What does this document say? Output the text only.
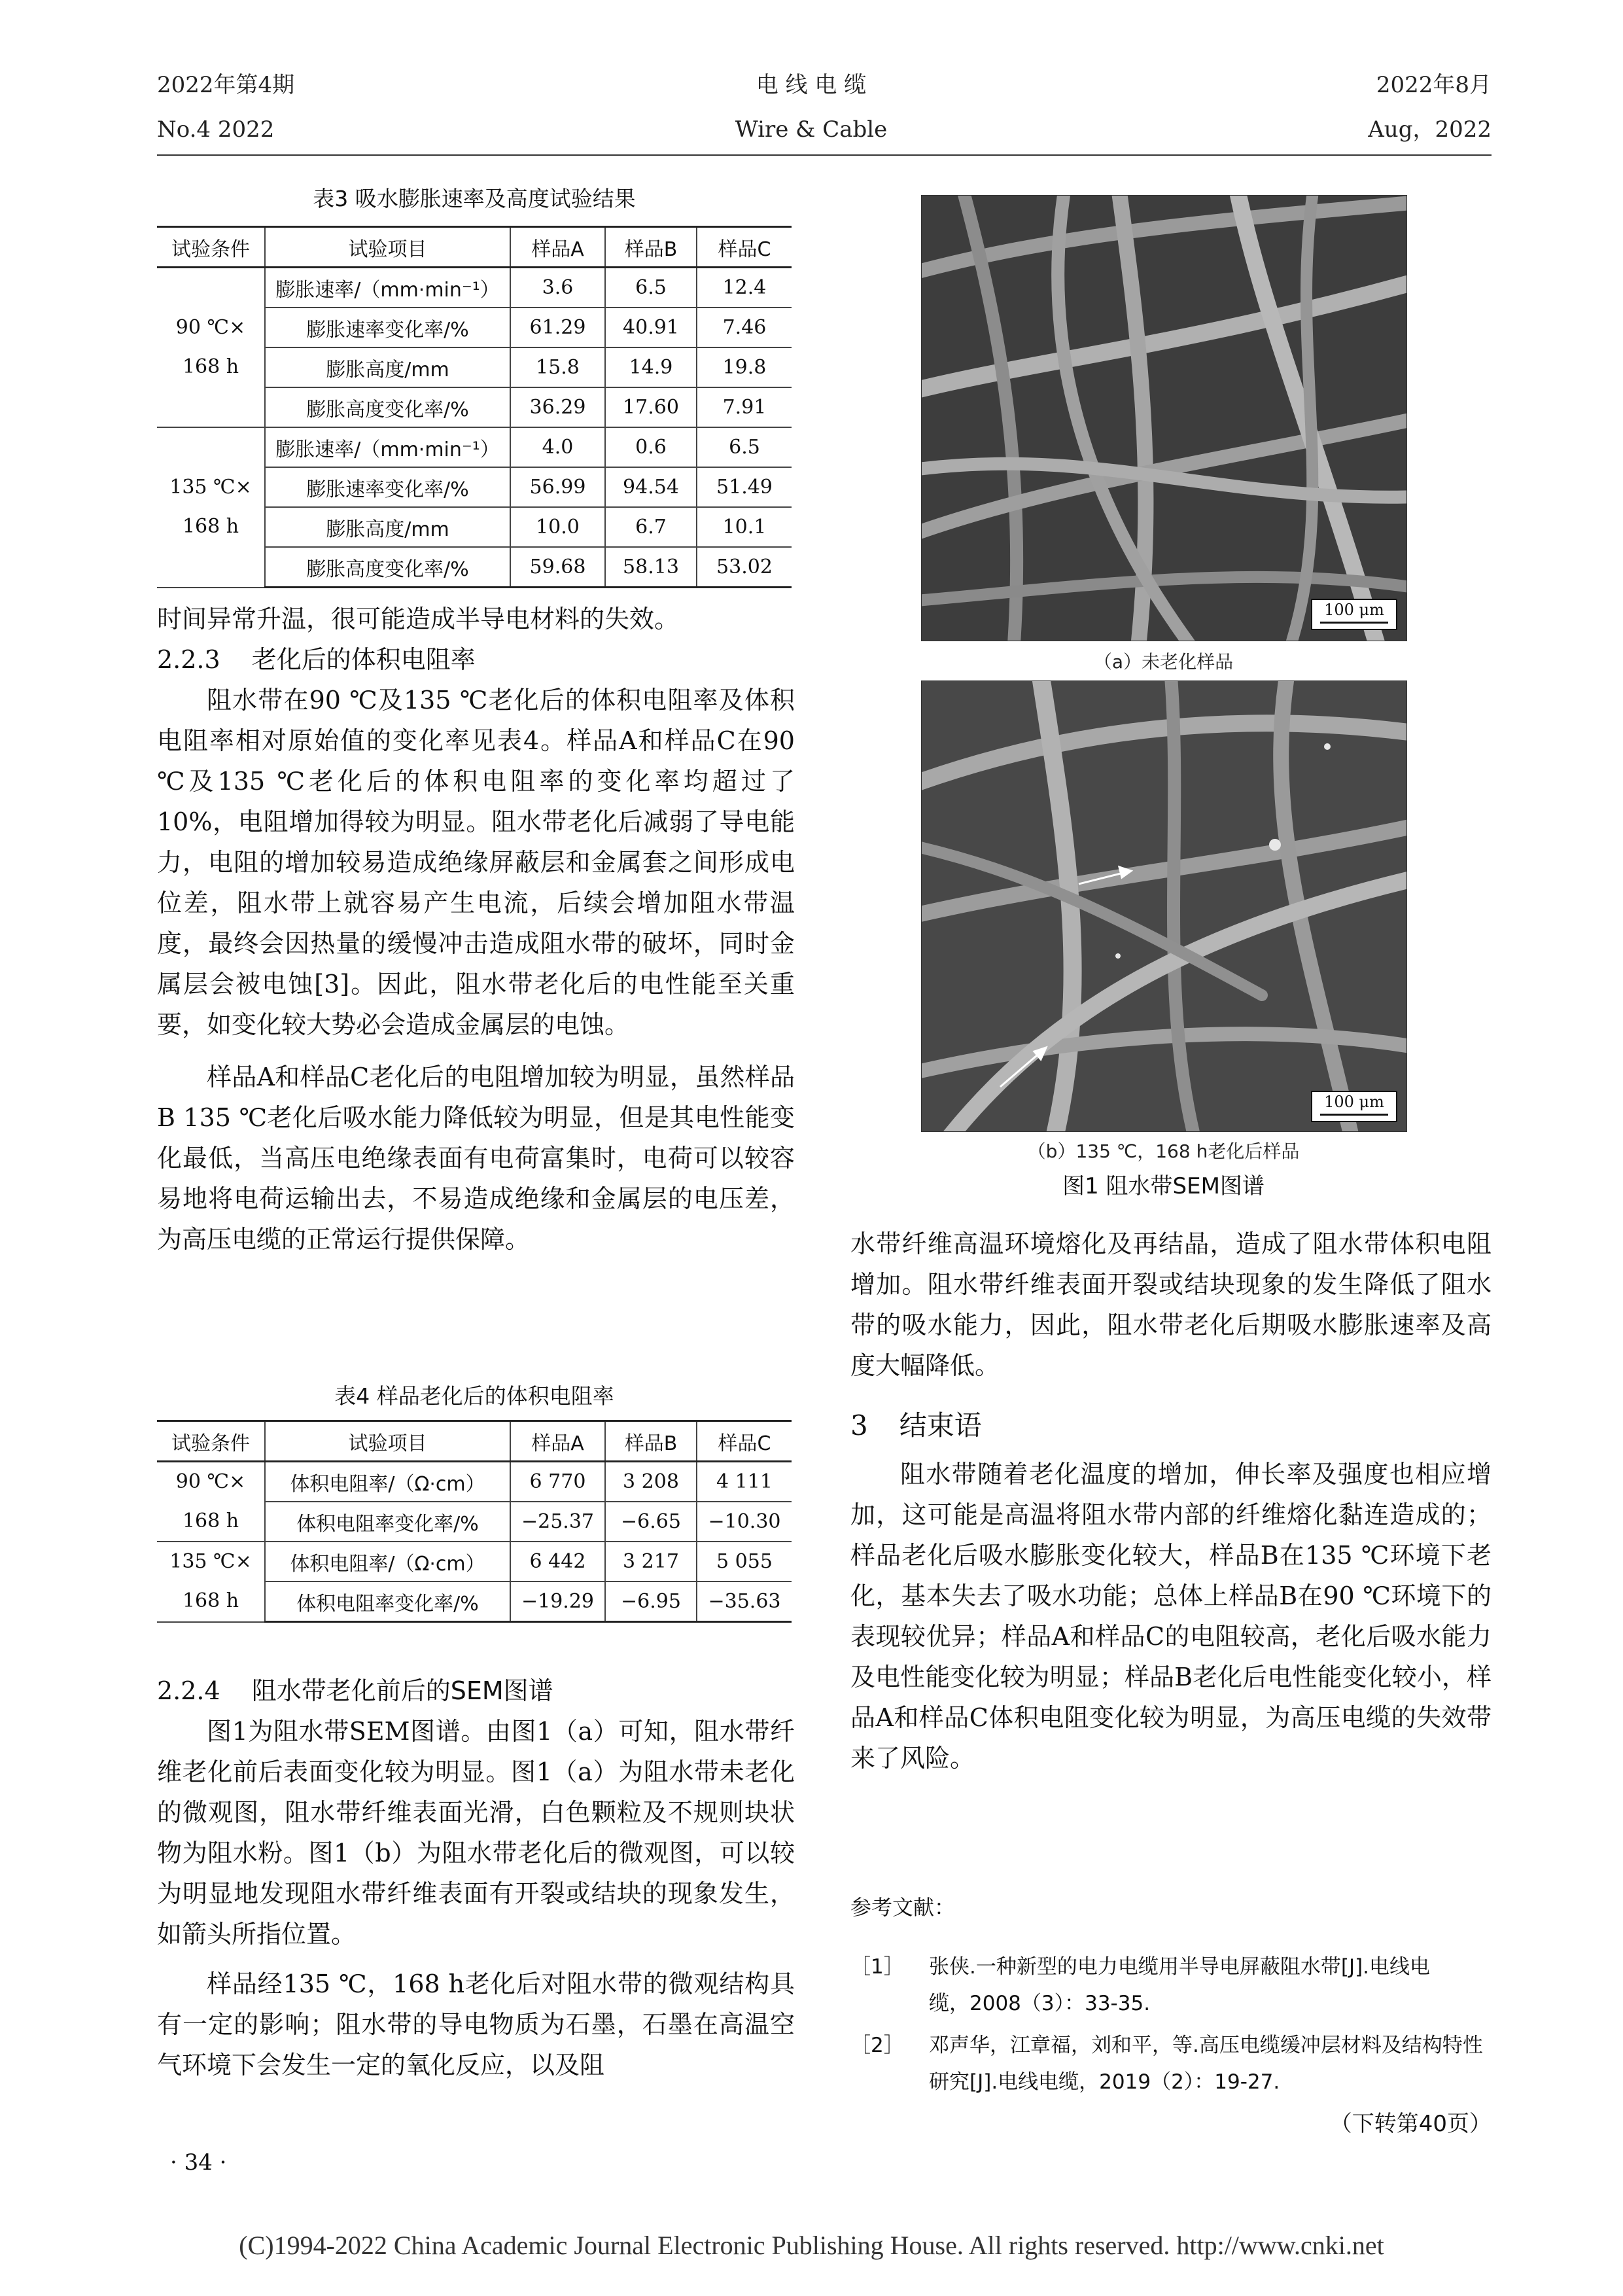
2022年第4期
No.4 2022
电 线 电 缆
Wire & Cable
2022年8月
Aug，2022
表3 吸水膨胀速率及高度试验结果
试验条件	试验项目	样品A	样品B	样品C
90 ℃×
168 h	膨胀速率/（mm·min⁻¹）	3.6	6.5	12.4
	膨胀速率变化率/%	61.29	40.91	7.46
	膨胀高度/mm	15.8	14.9	19.8
	膨胀高度变化率/%	36.29	17.60	7.91
135 ℃×
168 h	膨胀速率/（mm·min⁻¹）	4.0	0.6	6.5
	膨胀速率变化率/%	56.99	94.54	51.49
	膨胀高度/mm	10.0	6.7	10.1
	膨胀高度变化率/%	59.68	58.13	53.02

时间异常升温，很可能造成半导电材料的失效。

2.2.3 老化后的体积电阻率

阻水带在90 ℃及135 ℃老化后的体积电阻率及体积电阻率相对原始值的变化率见表4。样品A和样品C在90 ℃及135 ℃老化后的体积电阻率的变化率均超过了10%，电阻增加得较为明显。阻水带老化后减弱了导电能力，电阻的增加较易造成绝缘屏蔽层和金属套之间形成电位差，阻水带上就容易产生电流，后续会增加阻水带温度，最终会因热量的缓慢冲击造成阻水带的破坏，同时金属层会被电蚀[3]。因此，阻水带老化后的电性能至关重要，如变化较大势必会造成金属层的电蚀。

样品A和样品C老化后的电阻增加较为明显，虽然样品B 135 ℃老化后吸水能力降低较为明显，但是其电性能变化最低，当高压电绝缘表面有电荷富集时，电荷可以较容易地将电荷运输出去，不易造成绝缘和金属层的电压差，为高压电缆的正常运行提供保障。

表4 样品老化后的体积电阻率
试验条件	试验项目	样品A	样品B	样品C
90 ℃×
168 h	体积电阻率/（Ω·cm）	6 770	3 208	4 111
	体积电阻率变化率/%	−25.37	−6.65	−10.30
135 ℃×
168 h	体积电阻率/（Ω·cm）	6 442	3 217	5 055
	体积电阻率变化率/%	−19.29	−6.95	−35.63

2.2.4 阻水带老化前后的SEM图谱

图1为阻水带SEM图谱。由图1（a）可知，阻水带纤维老化前后表面变化较为明显。图1（a）为阻水带未老化的微观图，阻水带纤维表面光滑，白色颗粒及不规则块状物为阻水粉。图1（b）为阻水带老化后的微观图，可以较为明显地发现阻水带纤维表面有开裂或结块的现象发生，如箭头所指位置。

样品经135 ℃，168 h老化后对阻水带的微观结构具有一定的影响；阻水带的导电物质为石墨，石墨在高温空气环境下会发生一定的氧化反应，以及阻

100 μm
（a）未老化样品
100 μm
（b）135 ℃，168 h老化后样品
图1 阻水带SEM图谱

水带纤维高温环境熔化及再结晶，造成了阻水带体积电阻增加。阻水带纤维表面开裂或结块现象的发生降低了阻水带的吸水能力，因此，阻水带老化后期吸水膨胀速率及高度大幅降低。

3 结束语

阻水带随着老化温度的增加，伸长率及强度也相应增加，这可能是高温将阻水带内部的纤维熔化黏连造成的；样品老化后吸水膨胀变化较大，样品B在135 ℃环境下老化，基本失去了吸水功能；总体上样品B在90 ℃环境下的表现较优异；样品A和样品C的电阻较高，老化后吸水能力及电性能变化较为明显；样品B老化后电性能变化较小，样品A和样品C体积电阻变化较为明显，为高压电缆的失效带来了风险。

参考文献：
［1］ 张侠.一种新型的电力电缆用半导电屏蔽阻水带[J].电线电
缆，2008（3）：33-35.
［2］ 邓声华，江章福，刘和平，等.高压电缆缓冲层材料及结构特性
研究[J].电线电缆，2019（2）：19-27.
（下转第40页）
· 34 ·
(C)1994-2022 China Academic Journal Electronic Publishing House. All rights reserved. http://www.cnki.net
